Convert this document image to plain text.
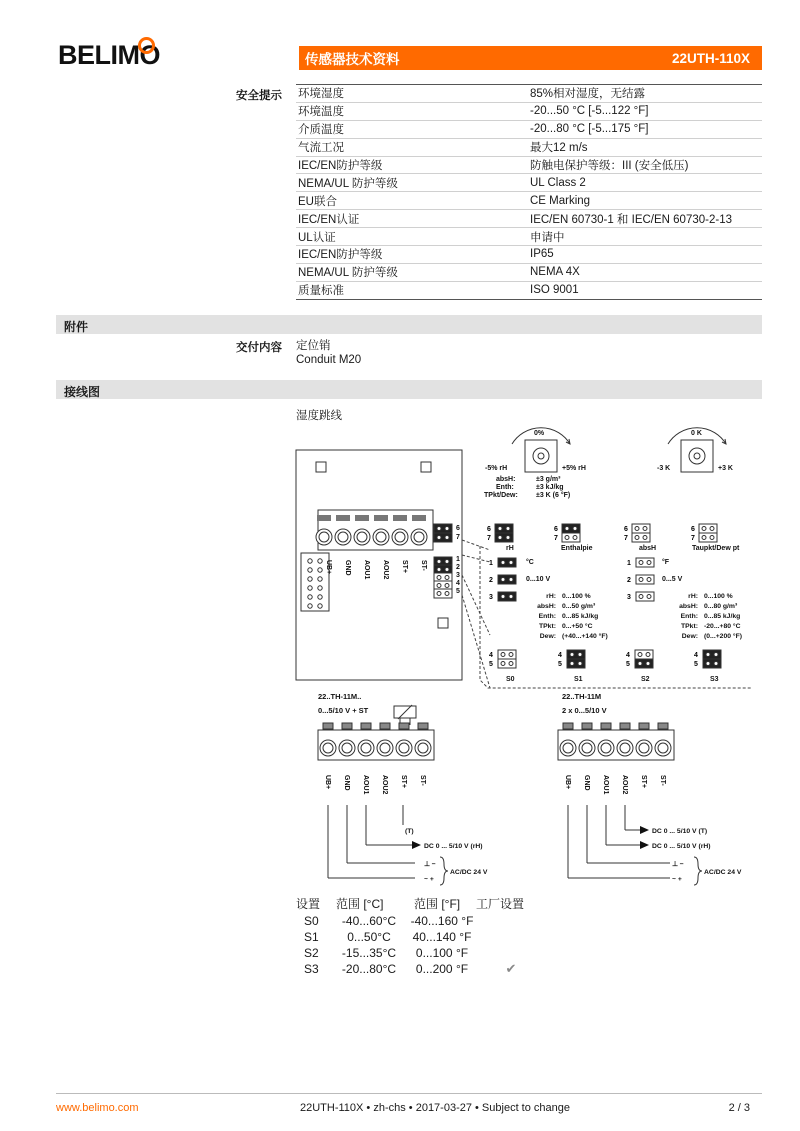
BELIMO	传感器技术资料	22UTH-110X
安全提示 环境湿度	85%相对湿度，无结露
环境温度	-20...50 °C [-5...122 °F]
介质温度	-20...80 °C [-5...175 °F]
气流工况	最大12 m/s
IEC/EN防护等级	防触电保护等级：III (安全低压)
NEMA/UL 防护等级	UL Class 2
EU联合	CE Marking
IEC/EN认证	IEC/EN 60730-1 和 IEC/EN 60730-2-13
UL认证	申请中
IEC/EN防护等级	IP65
NEMA/UL 防护等级	NEMA 4X
质量标准	ISO 9001
附件
交付内容 定位销
Conduit M20
接线图
湿度跳线
UB+ GND AOU1 AOU2 ST+ ST-
6
7
1
2
3
4
5
0%
-5% rH	+5% rH
0 K
-3 K	+3 K
absH:	±3 g/m³
Enth:	±3 kJ/kg
TPkt/Dew:	±3 K (6 °F)
6
7
6
7
6
7
6
7
rH	Enthalpie	absH	Taupkt/Dew pt
1	1
2	2
3	3
°C	°F
0...10 V	0...5 V
rH: 0...100 %
absH: 0...50 g/m³
Enth: 0...85 kJ/kg
TPkt: 0...+50 °C
Dew: (+40...+140 °F)
rH: 0...100 %
absH: 0...80 g/m³
Enth: 0...85 kJ/kg
TPkt: -20...+80 °C
Dew: (0...+200 °F)
4
5
4
5
4
5
4
5
S0	S1	S2	S3
22..TH-11M..
0...5/10 V + ST
22..TH-11M
2 x 0...5/10 V
UB+ GND AOU1 AOU2 ST+ ST-	UB+ GND AOU1 AOU2 ST+ ST-
(T)
DC 0 ... 5/10 V (rH)
⊥ −
~ +
AC/DC 24 V
DC 0 ... 5/10 V (T)
DC 0 ... 5/10 V (rH)
⊥ −
~ +
AC/DC 24 V
设置	范围 [°C]	范围 [°F]	工厂设置
S0	-40...60°C	-40...160 °F	
S1	0...50°C	40...140 °F	
S2	-15...35°C	0...100 °F	
S3	-20...80°C	0...200 °F	✔
www.belimo.com	22UTH-110X • zh-chs • 2017-03-27 • Subject to change	2 / 3
